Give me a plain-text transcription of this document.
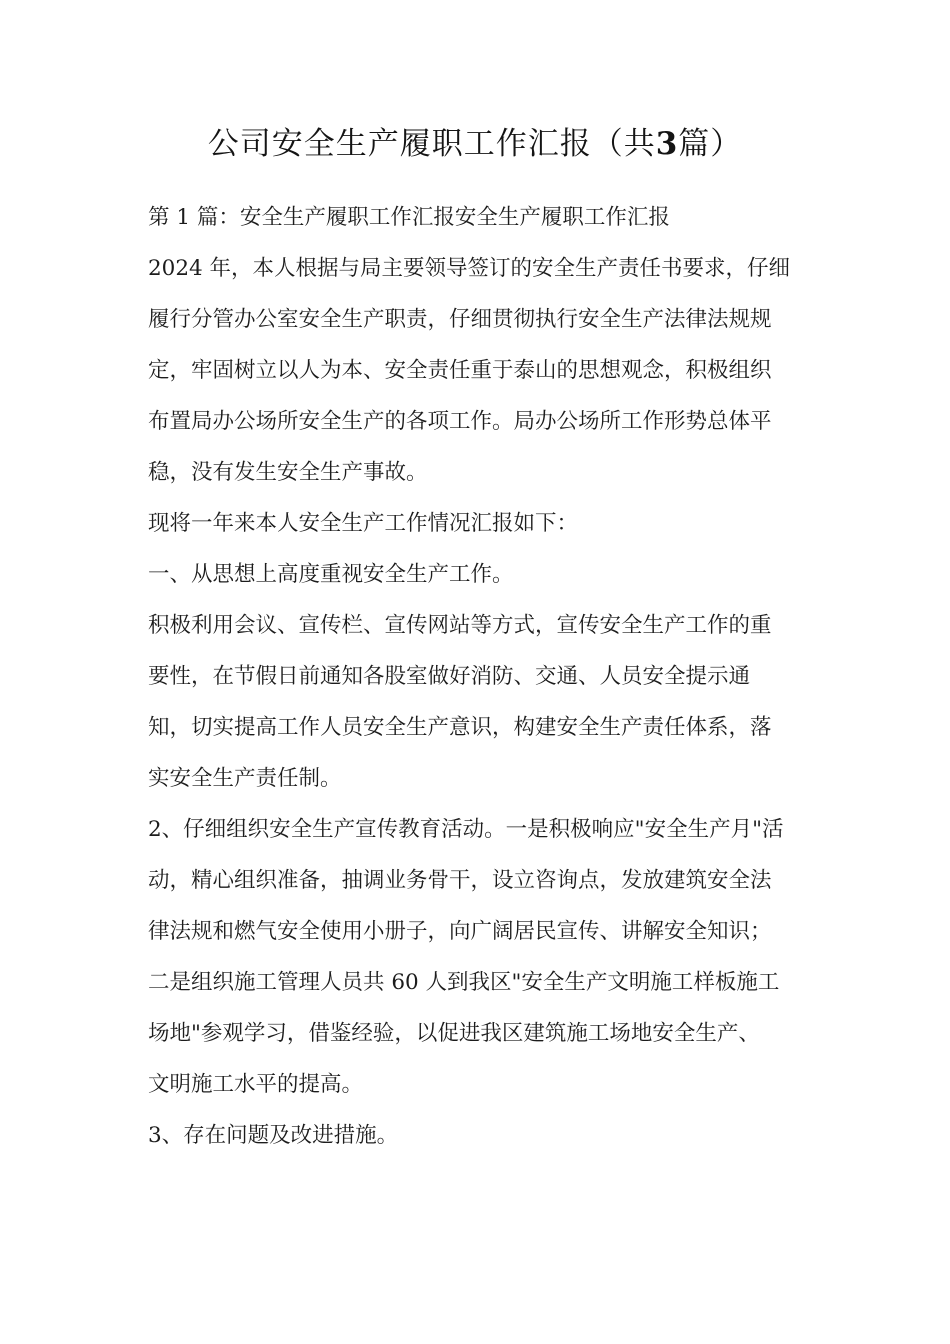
公司安全生产履职工作汇报（共3篇）
第 1 篇：安全生产履职工作汇报安全生产履职工作汇报
2024 年，本人根据与局主要领导签订的安全生产责任书要求，仔细
履行分管办公室安全生产职责，仔细贯彻执行安全生产法律法规规
定，牢固树立以人为本、安全责任重于泰山的思想观念，积极组织
布置局办公场所安全生产的各项工作。局办公场所工作形势总体平
稳，没有发生安全生产事故。
现将一年来本人安全生产工作情况汇报如下：
一、从思想上高度重视安全生产工作。
积极利用会议、宣传栏、宣传网站等方式，宣传安全生产工作的重
要性，在节假日前通知各股室做好消防、交通、人员安全提示通
知，切实提高工作人员安全生产意识，构建安全生产责任体系，落
实安全生产责任制。
2、仔细组织安全生产宣传教育活动。一是积极响应"安全生产月"活
动，精心组织准备，抽调业务骨干，设立咨询点，发放建筑安全法
律法规和燃气安全使用小册子，向广阔居民宣传、讲解安全知识；
二是组织施工管理人员共 60 人到我区"安全生产文明施工样板施工
场地"参观学习，借鉴经验，以促进我区建筑施工场地安全生产、
文明施工水平的提高。
3、存在问题及改进措施。
